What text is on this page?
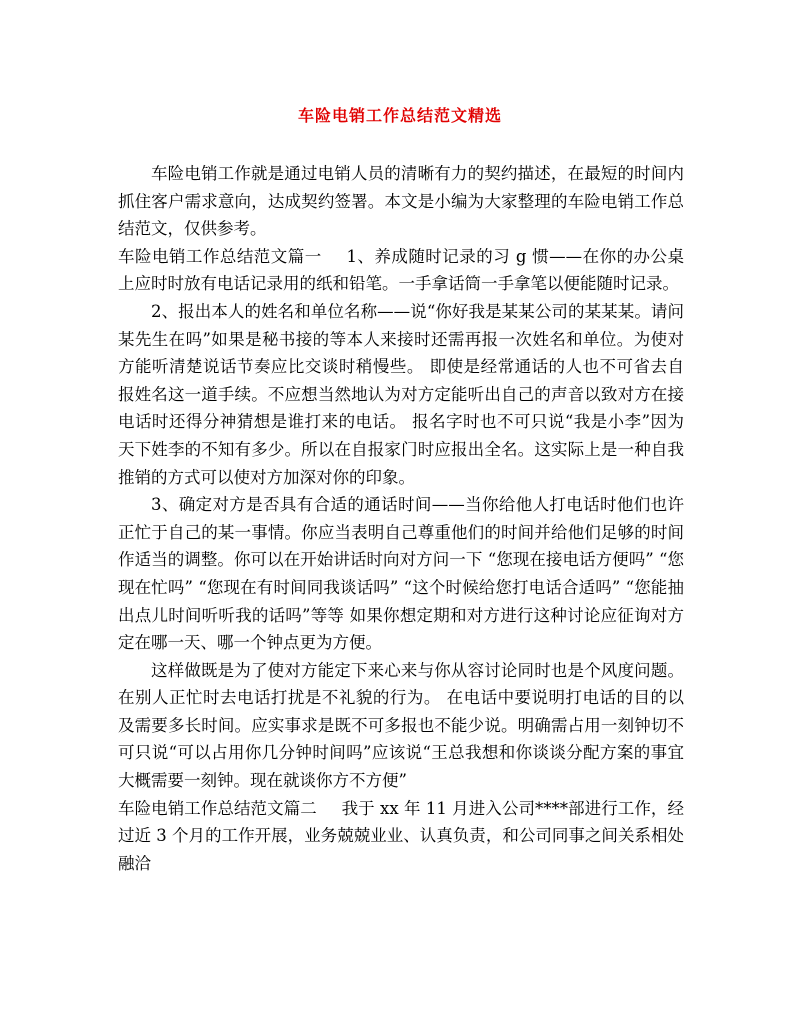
车险电销工作总结范文精选

车险电销工作就是通过电销人员的清晰有力的契约描述，在最短的时间内抓住客户需求意向，达成契约签署。本文是小编为大家整理的车险电销工作总结范文，仅供参考。

车险电销工作总结范文篇一 1、养成随时记录的习 g 惯——在你的办公桌上应时时放有电话记录用的纸和铅笔。一手拿话筒一手拿笔以便能随时记录。

2、报出本人的姓名和单位名称——说“你好我是某某公司的某某某。请问某先生在吗”如果是秘书接的等本人来接时还需再报一次姓名和单位。为使对方能听清楚说话节奏应比交谈时稍慢些。 即使是经常通话的人也不可省去自报姓名这一道手续。不应想当然地认为对方定能听出自己的声音以致对方在接电话时还得分神猜想是谁打来的电话。 报名字时也不可只说“我是小李”因为天下姓李的不知有多少。所以在自报家门时应报出全名。这实际上是一种自我推销的方式可以使对方加深对你的印象。

3、确定对方是否具有合适的通话时间——当你给他人打电话时他们也许正忙于自己的某一事情。你应当表明自己尊重他们的时间并给他们足够的时间作适当的调整。你可以在开始讲话时向对方问一下 “您现在接电话方便吗” “您现在忙吗” “您现在有时间同我谈话吗” “这个时候给您打电话合适吗” “您能抽出点儿时间听听我的话吗”等等 如果你想定期和对方进行这种讨论应征询对方定在哪一天、哪一个钟点更为方便。

这样做既是为了使对方能定下来心来与你从容讨论同时也是个风度问题。在别人正忙时去电话打扰是不礼貌的行为。 在电话中要说明打电话的目的以及需要多长时间。应实事求是既不可多报也不能少说。明确需占用一刻钟切不可只说“可以占用你几分钟时间吗”应该说“王总我想和你谈谈分配方案的事宜大概需要一刻钟。现在就谈你方不方便”

车险电销工作总结范文篇二 我于 xx 年 11 月进入公司****部进行工作，经过近 3 个月的工作开展，业务兢兢业业、认真负责，和公司同事之间关系相处融洽
